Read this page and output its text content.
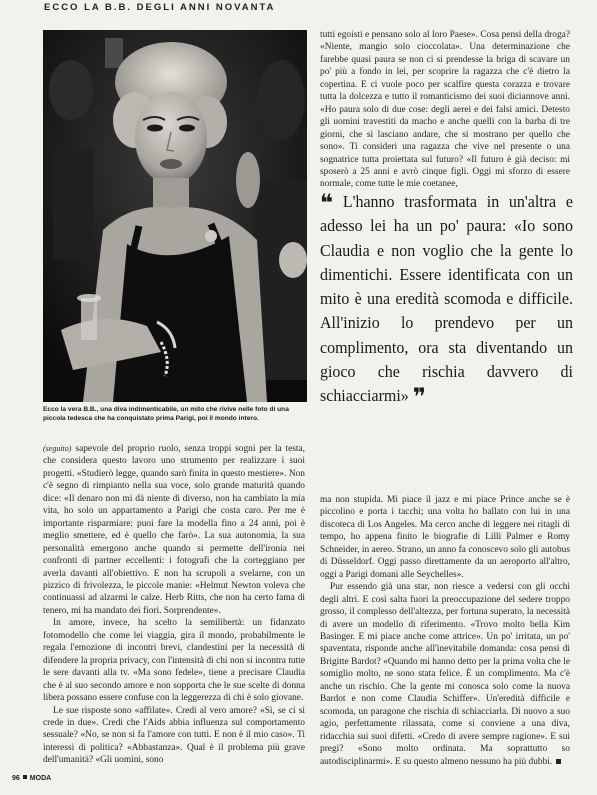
ECCO LA B.B. DEGLI ANNI NOVANTA
Ecco la vera B.B., una diva indimenticabile, un mito che rivive nelle foto di una piccola tedesca che ha conquistato prima Parigi, poi il mondo intero.

tutti egoisti e pensano solo al loro Paese». Cosa pensi della droga? «Niente, mangio solo cioccolata». Una determinazione che farebbe quasi paura se non ci si prendesse la briga di scavare un po' più a fondo in lei, per scoprire la ragazza che c'è dietro la copertina. E ci vuole poco per scalfire questa corazza e trovare tutta la dolcezza e tutto il romanticismo dei suoi diciannove anni. «Ho paura solo di due cose: degli aerei e dei falsi amici. Detesto gli uomini travestiti da macho e anche quelli con la barba di tre giorni, che si lasciano andare, che si mostrano per quello che sono». Ti consideri una ragazza che vive nel presente o una sognatrice tutta proiettata sul futuro? «Il futuro è già deciso: mi sposerò a 25 anni e avrò cinque figli. Oggi mi sforzo di essere normale, come tutte le mie coetanee,

❝ L'hanno trasformata in un'altra e adesso lei ha un po' paura: «Io sono Claudia e non voglio che la gente lo dimentichi. Essere identificata con un mito è una eredità scomoda e difficile. All'inizio lo prendevo per un complimento, ora sta diventando un gioco che rischia davvero di schiacciarmi» ❞

(seguito) sapevole del proprio ruolo, senza troppi sogni per la testa, che considera questo lavoro uno strumento per realizzare i suoi progetti. «Studierò legge, quando sarò finita in questo mestiere». Non c'è segno di rimpianto nella sua voce, solo grande maturità quando dice: «Il denaro non mi dà niente di diverso, non ha cambiato la mia vita, ho solo un appartamento a Parigi che costa caro. Per me è importante risparmiare: puoi fare la modella fino a 24 anni, poi è meglio smettere, ed è quello che farò». La sua autonomia, la sua personalità emergono anche quando si permette dell'ironia nei confronti di partner eccellenti: i fotografi che la corteggiano per averla davanti all'obiettivo. E non ha scrupoli a svelarne, con un pizzico di frivolezza, le piccole manie: «Helmut Newton voleva che continuassi ad alzarmi le calze. Herb Ritts, che non ha certo fama di tenero, mi ha mandato dei fiori. Sorprendente».

In amore, invece, ha scelto la semilibertà: un fidanzato fotomodello che come lei viaggia, gira il mondo, probabilmente le regala l'emozione di incontri brevi, clandestini per la necessità di difendere la propria privacy, con l'intensità di chi non si incontra tutte le sere davanti alla tv. «Ma sono fedele», tiene a precisare Claudia che è al suo secondo amore e non sopporta che le sue scelte di donna libera possano essere confuse con la leggerezza di chi è solo giovane.

Le sue risposte sono «affilate». Credi al vero amore? «Sì, se ci si crede in due». Credi che l'Aids abbia influenza sul comportamento sessuale? «No, se non si fa l'amore con tutti. E non è il mio caso». Ti interessi di politica? «Abbastanza». Qual è il problema più grave dell'umanità? «Gli uomini, sono

ma non stupida. Mi piace il jazz e mi piace Prince anche se è piccolino e porta i tacchi; una volta ho ballato con lui in una discoteca di Los Angeles. Ma cerco anche di leggere nei ritagli di tempo, ho appena finito le biografie di Lilli Palmer e Romy Schneider, in aereo. Strano, un anno fa conoscevo solo gli autobus di Düsseldorf. Oggi passo direttamente da un aeroporto all'altro, oggi a Parigi domani alle Seychelles».

Pur essendo già una star, non riesce a vedersi con gli occhi degli altri. E così salta fuori la preoccupazione del sedere troppo grosso, il complesso dell'altezza, per fortuna superato, la necessità di avere un modello di riferimento. «Trovo molto bella Kim Basinger. E mi piace anche come attrice». Un po' irritata, un po' spaventata, risponde anche all'inevitabile domanda: cosa pensi di Brigitte Bardot? «Quando mi hanno detto per la prima volta che le somiglio molto, ne sono stata felice. È un complimento. Ma c'è anche un rischio. Che la gente mi conosca solo come la nuova Bardot e non come Claudia Schiffer». Un'eredità difficile e scomoda, un paragone che rischia di schiacciarla. Di nuovo a suo agio, perfettamente rilassata, come si conviene a una diva, ridacchia sui suoi difetti. «Credo di avere sempre ragione». E sui pregi? «Sono molto ordinata. Ma soprattutto so autodisciplinarmi». E su questo almeno nessuno ha più dubbi.

96 MODA
